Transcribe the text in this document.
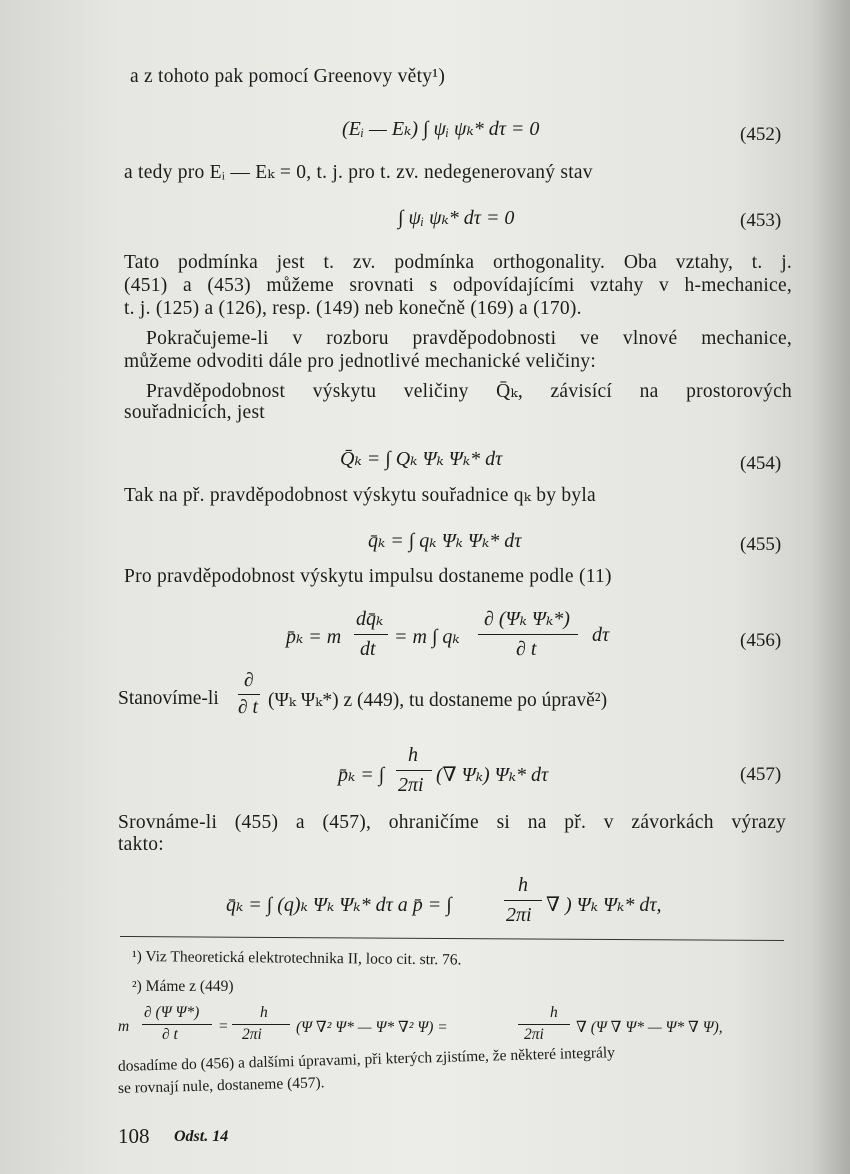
a z tohoto pak pomocí Greenovy věty¹)
(Eᵢ — Eₖ) ∫ ψᵢ ψₖ* dτ = 0	(452)
a tedy pro Eᵢ — Eₖ = 0, t. j. pro t. zv. nedegenerovaný stav
∫ ψᵢ ψₖ* dτ = 0	(453)
Tato podmínka jest t. zv. podmínka orthogonality. Oba vztahy, t. j.
(451) a (453) můžeme srovnati s odpovídajícími vztahy v h-mechanice,
t. j. (125) a (126), resp. (149) neb konečně (169) a (170).
Pokračujeme-li v rozboru pravděpodobnosti ve vlnové mechanice,
můžeme odvoditi dále pro jednotlivé mechanické veličiny:
Pravděpodobnost výskytu veličiny Q̄ₖ, závisící na prostorových
souřadnicích, jest
Q̄ₖ = ∫ Qₖ Ψₖ Ψₖ* dτ	(454)
Tak na př. pravděpodobnost výskytu souřadnice qₖ by byla
q̄ₖ = ∫ qₖ Ψₖ Ψₖ* dτ	(455)
Pro pravděpodobnost výskytu impulsu dostaneme podle (11)
p̄ₖ = m
dq̄ₖ
dt
= m ∫ qₖ
∂ (Ψₖ Ψₖ*)
∂ t
dτ	(456)
Stanovíme-li
∂
∂ t (Ψₖ Ψₖ*) z (449), tu dostaneme po úpravě²)
p̄ₖ = ∫
h
2πi (∇ Ψₖ) Ψₖ* dτ	(457)
Srovnáme-li (455) a (457), ohraničíme si na př. v závorkách výrazy
takto:
q̄ₖ = ∫ (q)ₖ Ψₖ Ψₖ* dτ a p̄ = ∫
h
2πi ∇ ) Ψₖ Ψₖ* dτ,
¹) Viz Theoretická elektrotechnika II, loco cit. str. 76.
²) Máme z (449)
m
∂ (Ψ Ψ*)
∂ t	=
h
2πi (Ψ ∇² Ψ* — Ψ* ∇² Ψ) =
h
2πi ∇ (Ψ ∇ Ψ* — Ψ* ∇ Ψ),
dosadíme do (456) a dalšími úpravami, při kterých zjistíme, že některé integrály
se rovnají nule, dostaneme (457).
108 Odst. 14
